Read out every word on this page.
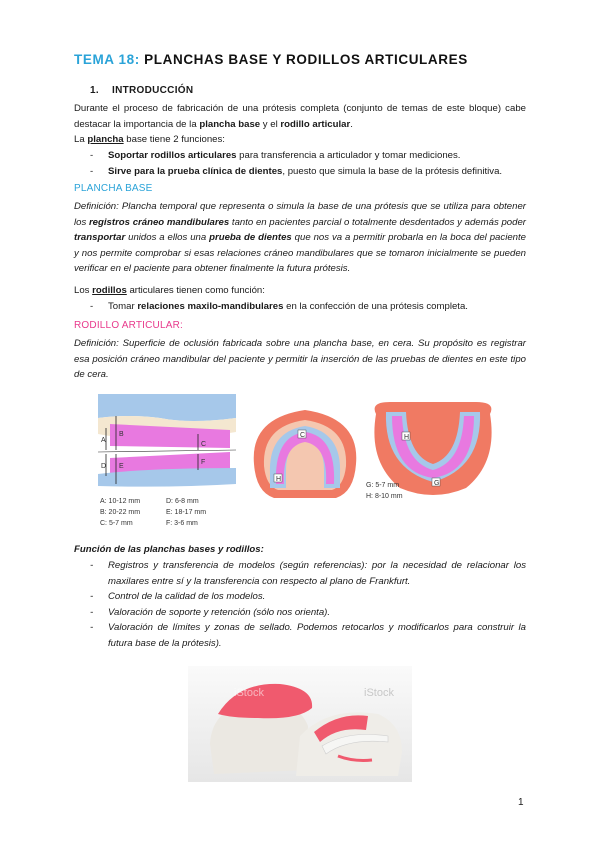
TEMA 18: PLANCHAS BASE Y RODILLOS ARTICULARES
1. INTRODUCCIÓN
Durante el proceso de fabricación de una prótesis completa (conjunto de temas de este bloque) cabe destacar la importancia de la plancha base y el rodillo articular.
La plancha base tiene 2 funciones:
- Soportar rodillos articulares para transferencia a articulador y tomar mediciones.
- Sirve para la prueba clínica de dientes, puesto que simula la base de la prótesis definitiva.
PLANCHA BASE
Definición: Plancha temporal que representa o simula la base de una prótesis que se utiliza para obtener los registros cráneo mandibulares tanto en pacientes parcial o totalmente desdentados y además poder transportar unidos a ellos una prueba de dientes que nos va a permitir probarla en la boca del paciente y nos permite comprobar si esas relaciones cráneo mandibulares que se tomaron inicialmente se pueden verificar en el paciente para obtener finalmente la futura prótesis.
Los rodillos articulares tienen como función:
- Tomar relaciones maxilo-mandibulares en la confección de una prótesis completa.
RODILLO ARTICULAR:
Definición: Superficie de oclusión fabricada sobre una plancha base, en cera. Su propósito es registrar esa posición cráneo mandibular del paciente y permitir la inserción de las pruebas de dientes en este tipo de cera.
A
B
C
D E
F
A: 10-12 mm
B: 20-22 mm
C: 5-7 mm
D: 6-8 mm
E: 18-17 mm
F: 3-6 mm
C
H
H
G
G: 5-7 mm
H: 8-10 mm
Función de las planchas bases y rodillos:
- Registros y transferencia de modelos (según referencias): por la necesidad de relacionar los maxilares entre sí y la transferencia con respecto al plano de Frankfurt.
- Control de la calidad de los modelos.
- Valoración de soporte y retención (sólo nos orienta).
- Valoración de límites y zonas de sellado. Podemos retocarlos y modificarlos para construir la futura base de la prótesis).
iStock	iStock
1
